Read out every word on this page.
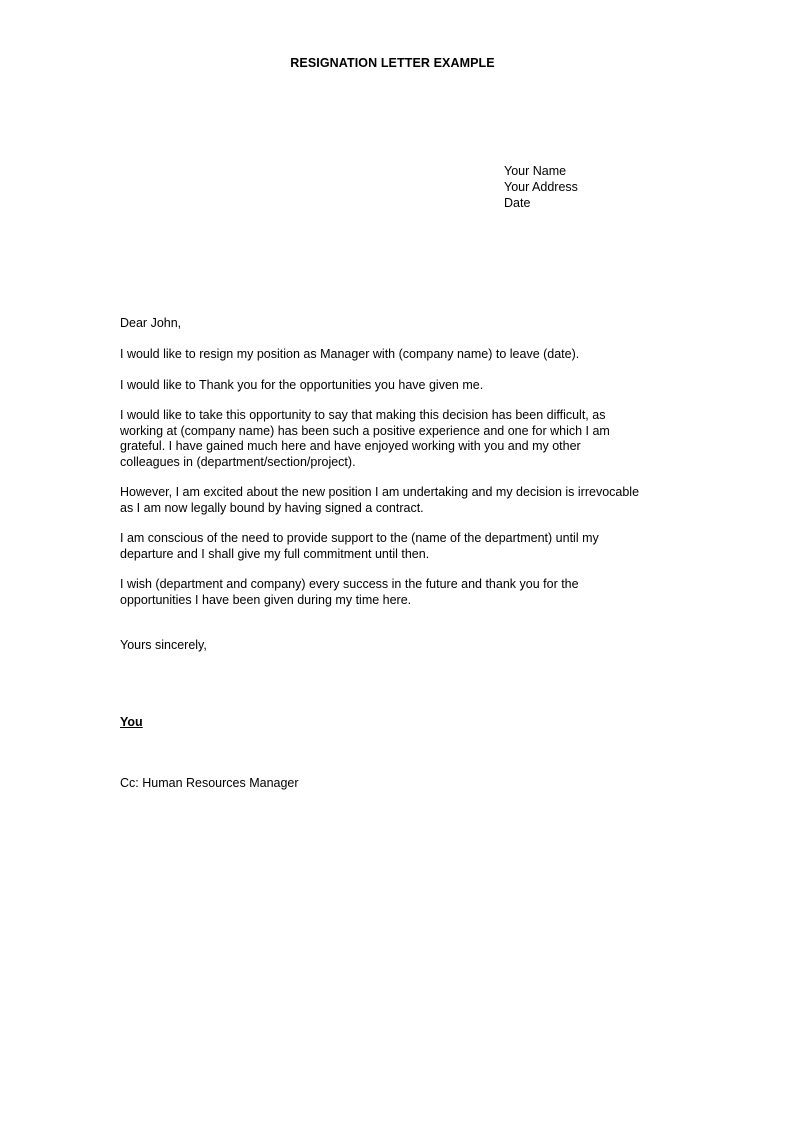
RESIGNATION LETTER EXAMPLE
Your Name
Your Address
Date
Dear John,
I would like to resign my position as Manager with (company name) to leave (date).
I would like to Thank you for the opportunities you have given me.
I would like to take this opportunity to say that making this decision has been difficult, as
working at (company name) has been such a positive experience and one for which I am
grateful. I have gained much here and have enjoyed working with you and my other
colleagues in (department/section/project).
However, I am excited about the new position I am undertaking and my decision is irrevocable
as I am now legally bound by having signed a contract.
I am conscious of the need to provide support to the (name of the department) until my
departure and I shall give my full commitment until then.
I wish (department and company) every success in the future and thank you for the
opportunities I have been given during my time here.
Yours sincerely,
You
Cc: Human Resources Manager
